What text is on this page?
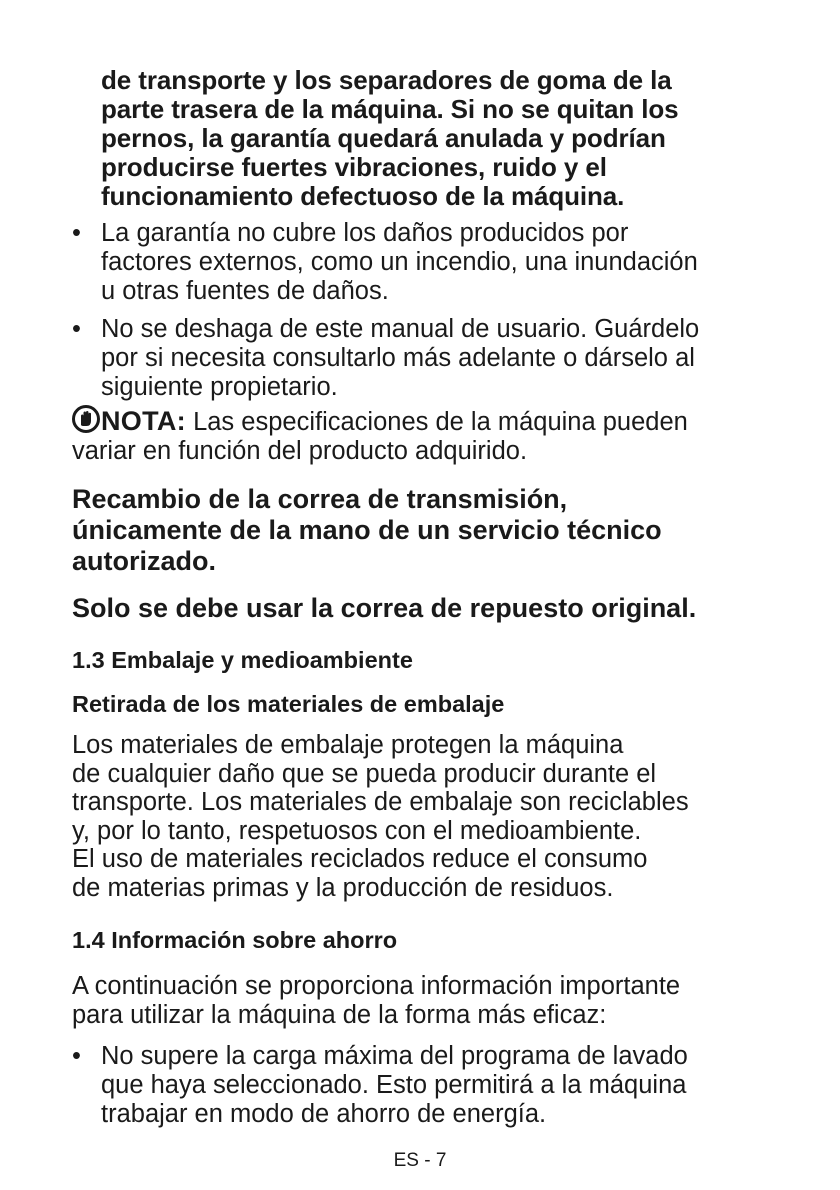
de transporte y los separadores de goma de la
parte trasera de la máquina. Si no se quitan los
pernos, la garantía quedará anulada y podrían
producirse fuertes vibraciones, ruido y el
funcionamiento defectuoso de la máquina.

• La garantía no cubre los daños producidos por
factores externos, como un incendio, una inundación
u otras fuentes de daños.
• No se deshaga de este manual de usuario. Guárdelo
por si necesita consultarlo más adelante o dárselo al
siguiente propietario.
NOTA: Las especificaciones de la máquina pueden
variar en función del producto adquirido.
Recambio de la correa de transmisión,
únicamente de la mano de un servicio técnico
autorizado.
Solo se debe usar la correa de repuesto original.
1.3 Embalaje y medioambiente
Retirada de los materiales de embalaje

Los materiales de embalaje protegen la máquina
de cualquier daño que se pueda producir durante el
transporte. Los materiales de embalaje son reciclables
y, por lo tanto, respetuosos con el medioambiente.
El uso de materiales reciclados reduce el consumo
de materias primas y la producción de residuos.

1.4 Información sobre ahorro

A continuación se proporciona información importante
para utilizar la máquina de la forma más eficaz:

• No supere la carga máxima del programa de lavado
que haya seleccionado. Esto permitirá a la máquina
trabajar en modo de ahorro de energía.
ES - 7
